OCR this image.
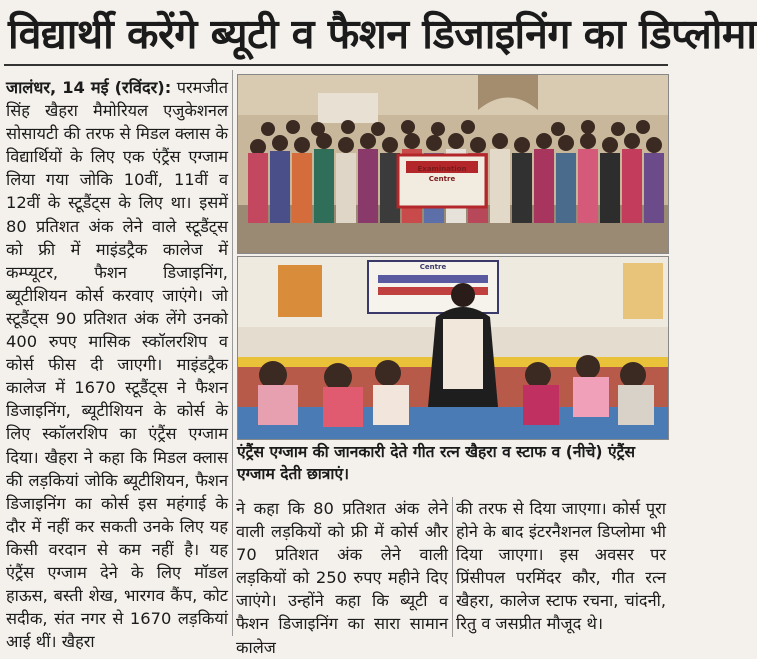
विद्यार्थी करेंगे ब्यूटी व फैशन डिजाइनिंग का डिप्लोमा
जालंधर, 14 मई (रविंदर): परमजीत सिंह खैहरा मैमोरियल एजुकेशनल सोसायटी की तरफ से मिडल क्लास के विद्यार्थियों के लिए एक एंट्रैंस एग्जाम लिया गया जोकि 10वीं, 11वीं व 12वीं के स्टूडैंट्स के लिए था। इसमें 80 प्रतिशत अंक लेने वाले स्टूडैंट्स को फ्री में माइंडट्रैक कालेज में कम्प्यूटर, फैशन डिजाइनिंग, ब्यूटीशियन कोर्स करवाए जाएंगे। जो स्टूडैंट्स 90 प्रतिशत अंक लेंगे उनको 400 रुपए मासिक स्कॉलरशिप व कोर्स फीस दी जाएगी। माइंडट्रैक कालेज में 1670 स्टूडैंट्स ने फैशन डिजाइनिंग, ब्यूटीशियन के कोर्स के लिए स्कॉलरशिप का एंट्रैंस एग्जाम दिया। खैहरा ने कहा कि मिडल क्लास की लड़कियां जोकि ब्यूटीशियन, फैशन डिजाइनिंग का कोर्स इस महंगाई के दौर में नहीं कर सकती उनके लिए यह किसी वरदान से कम नहीं है। यह एंट्रैंस एग्जाम देने के लिए मॉडल हाऊस, बस्ती शेख, भारगव कैंप, कोट सदीक, संत नगर से 1670 लड़कियां आई थीं। खैहरा
Examination
Centre
Centre
एंट्रैंस एग्जाम की जानकारी देते गीत रत्न खैहरा व स्टाफ व (नीचे) एंट्रैंस एग्जाम देती छात्राएं।
ने कहा कि 80 प्रतिशत अंक लेने वाली लड़कियों को फ्री में कोर्स और 70 प्रतिशत अंक लेने वाली लड़कियों को 250 रुपए महीने दिए जाएंगे। उन्होंने कहा कि ब्यूटी व फैशन डिजाइनिंग का सारा सामान कालेज
की तरफ से दिया जाएगा। कोर्स पूरा होने के बाद इंटरनैशनल डिप्लोमा भी दिया जाएगा। इस अवसर पर प्रिंसीपल परमिंदर कौर, गीत रत्न खैहरा, कालेज स्टाफ रचना, चांदनी, रितु व जसप्रीत मौजूद थे।
